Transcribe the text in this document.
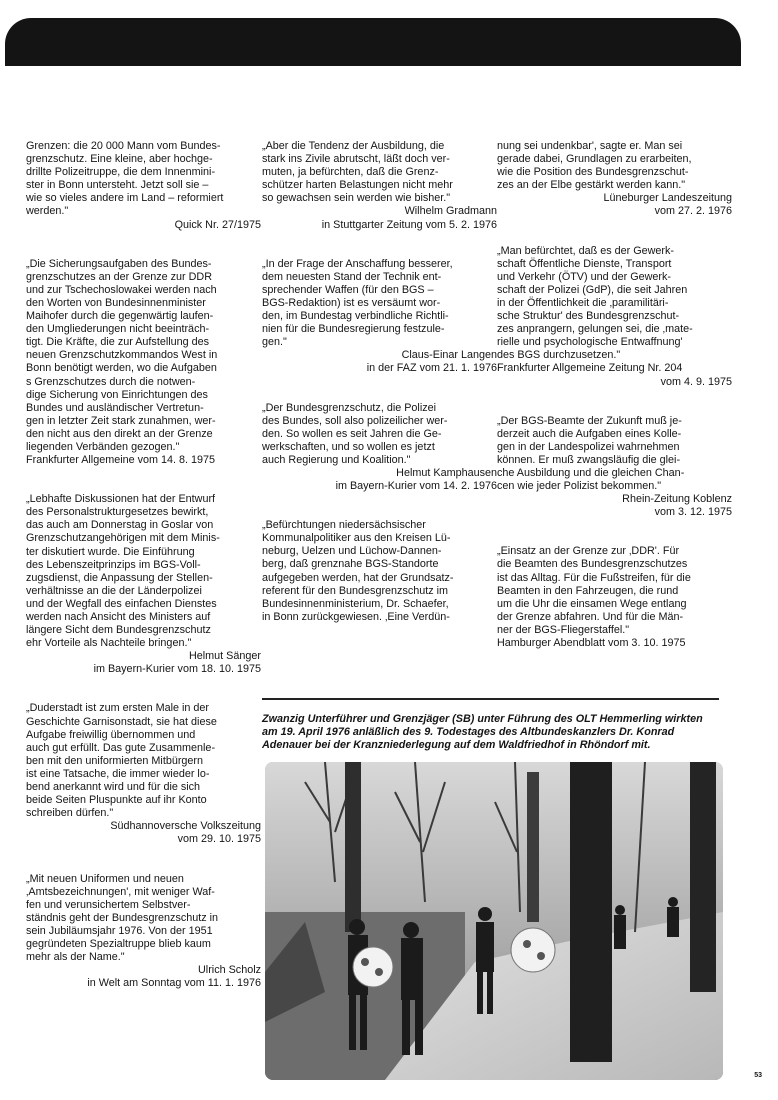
Grenzen: die 20 000 Mann vom Bundes-

grenzschutz. Eine kleine, aber hochge-

drillte Polizeitruppe, die dem Innenmini-

ster in Bonn untersteht. Jetzt soll sie –

wie so vieles andere im Land – reformiert

werden."

Quick Nr. 27/1975

„Die Sicherungsaufgaben des Bundes-

grenzschutzes an der Grenze zur DDR

und zur Tschechoslowakei werden nach

den Worten von Bundesinnenminister

Maihofer durch die gegenwärtig laufen-

den Umgliederungen nicht beeinträch-

tigt. Die Kräfte, die zur Aufstellung des

neuen Grenzschutzkommandos West in

Bonn benötigt werden, wo die Aufgaben

s Grenzschutzes durch die notwen-

dige Sicherung von Einrichtungen des

Bundes und ausländischer Vertretun-

gen in letzter Zeit stark zunahmen, wer-

den nicht aus den direkt an der Grenze

liegenden Verbänden gezogen."

Frankfurter Allgemeine vom 14. 8. 1975

„Lebhafte Diskussionen hat der Entwurf

des Personalstrukturgesetzes bewirkt,

das auch am Donnerstag in Goslar von

Grenzschutzangehörigen mit dem Minis-

ter diskutiert wurde. Die Einführung

des Lebenszeitprinzips im BGS-Voll-

zugsdienst, die Anpassung der Stellen-

verhältnisse an die der Länderpolizei

und der Wegfall des einfachen Dienstes

werden nach Ansicht des Ministers auf

längere Sicht dem Bundesgrenzschutz

ehr Vorteile als Nachteile bringen."

Helmut Sänger

im Bayern-Kurier vom 18. 10. 1975

„Duderstadt ist zum ersten Male in der

Geschichte Garnisonstadt, sie hat diese

Aufgabe freiwillig übernommen und

auch gut erfüllt. Das gute Zusammenle-

ben mit den uniformierten Mitbürgern

ist eine Tatsache, die immer wieder lo-

bend anerkannt wird und für die sich

beide Seiten Pluspunkte auf ihr Konto

schreiben dürfen."

Südhannoversche Volkszeitung

vom 29. 10. 1975

„Mit neuen Uniformen und neuen

‚Amtsbezeichnungen', mit weniger Waf-

fen und verunsichertem Selbstver-

ständnis geht der Bundesgrenzschutz in

sein Jubiläumsjahr 1976. Von der 1951

gegründeten Spezialtruppe blieb kaum

mehr als der Name."

Ulrich Scholz

in Welt am Sonntag vom 11. 1. 1976

„Aber die Tendenz der Ausbildung, die

stark ins Zivile abrutscht, läßt doch ver-

muten, ja befürchten, daß die Grenz-

schützer harten Belastungen nicht mehr

so gewachsen sein werden wie bisher."

Wilhelm Gradmann

in Stuttgarter Zeitung vom 5. 2. 1976

„In der Frage der Anschaffung besserer,

dem neuesten Stand der Technik ent-

sprechender Waffen (für den BGS –

BGS-Redaktion) ist es versäumt wor-

den, im Bundestag verbindliche Richtli-

nien für die Bundesregierung festzule-

gen."

Claus-Einar Langen

in der FAZ vom 21. 1. 1976

„Der Bundesgrenzschutz, die Polizei

des Bundes, soll also polizeilicher wer-

den. So wollen es seit Jahren die Ge-

werkschaften, und so wollen es jetzt

auch Regierung und Koalition."

Helmut Kamphausen

im Bayern-Kurier vom 14. 2. 1976

„Befürchtungen niedersächsischer

Kommunalpolitiker aus den Kreisen Lü-

neburg, Uelzen und Lüchow-Dannen-

berg, daß grenznahe BGS-Standorte

aufgegeben werden, hat der Grundsatz-

referent für den Bundesgrenzschutz im

Bundesinnenministerium, Dr. Schaefer,

in Bonn zurückgewiesen. ‚Eine Verdün-

nung sei undenkbar', sagte er. Man sei

gerade dabei, Grundlagen zu erarbeiten,

wie die Position des Bundesgrenzschut-

zes an der Elbe gestärkt werden kann."

Lüneburger Landeszeitung

vom 27. 2. 1976

„Man befürchtet, daß es der Gewerk-

schaft Öffentliche Dienste, Transport

und Verkehr (ÖTV) und der Gewerk-

schaft der Polizei (GdP), die seit Jahren

in der Öffentlichkeit die ‚paramilitäri-

sche Struktur' des Bundesgrenzschut-

zes anprangern, gelungen sei, die ‚mate-

rielle und psychologische Entwaffnung'

des BGS durchzusetzen."

Frankfurter Allgemeine Zeitung Nr. 204

vom 4. 9. 1975

„Der BGS-Beamte der Zukunft muß je-

derzeit auch die Aufgaben eines Kolle-

gen in der Landespolizei wahrnehmen

können. Er muß zwangsläufig die glei-

che Ausbildung und die gleichen Chan-

cen wie jeder Polizist bekommen."

Rhein-Zeitung Koblenz

vom 3. 12. 1975

„Einsatz an der Grenze zur ‚DDR'. Für

die Beamten des Bundesgrenzschutzes

ist das Alltag. Für die Fußstreifen, für die

Beamten in den Fahrzeugen, die rund

um die Uhr die einsamen Wege entlang

der Grenze abfahren. Und für die Män-

ner der BGS-Fliegerstaffel."

Hamburger Abendblatt vom 3. 10. 1975

Zwanzig Unterführer und Grenzjäger (SB) unter Führung des OLT Hemmerling wirkten am 19. April 1976 anläßlich des 9. Todestages des Altbundeskanzlers Dr. Konrad Adenauer bei der Kranzniederlegung auf dem Waldfriedhof in Rhöndorf mit.

53
